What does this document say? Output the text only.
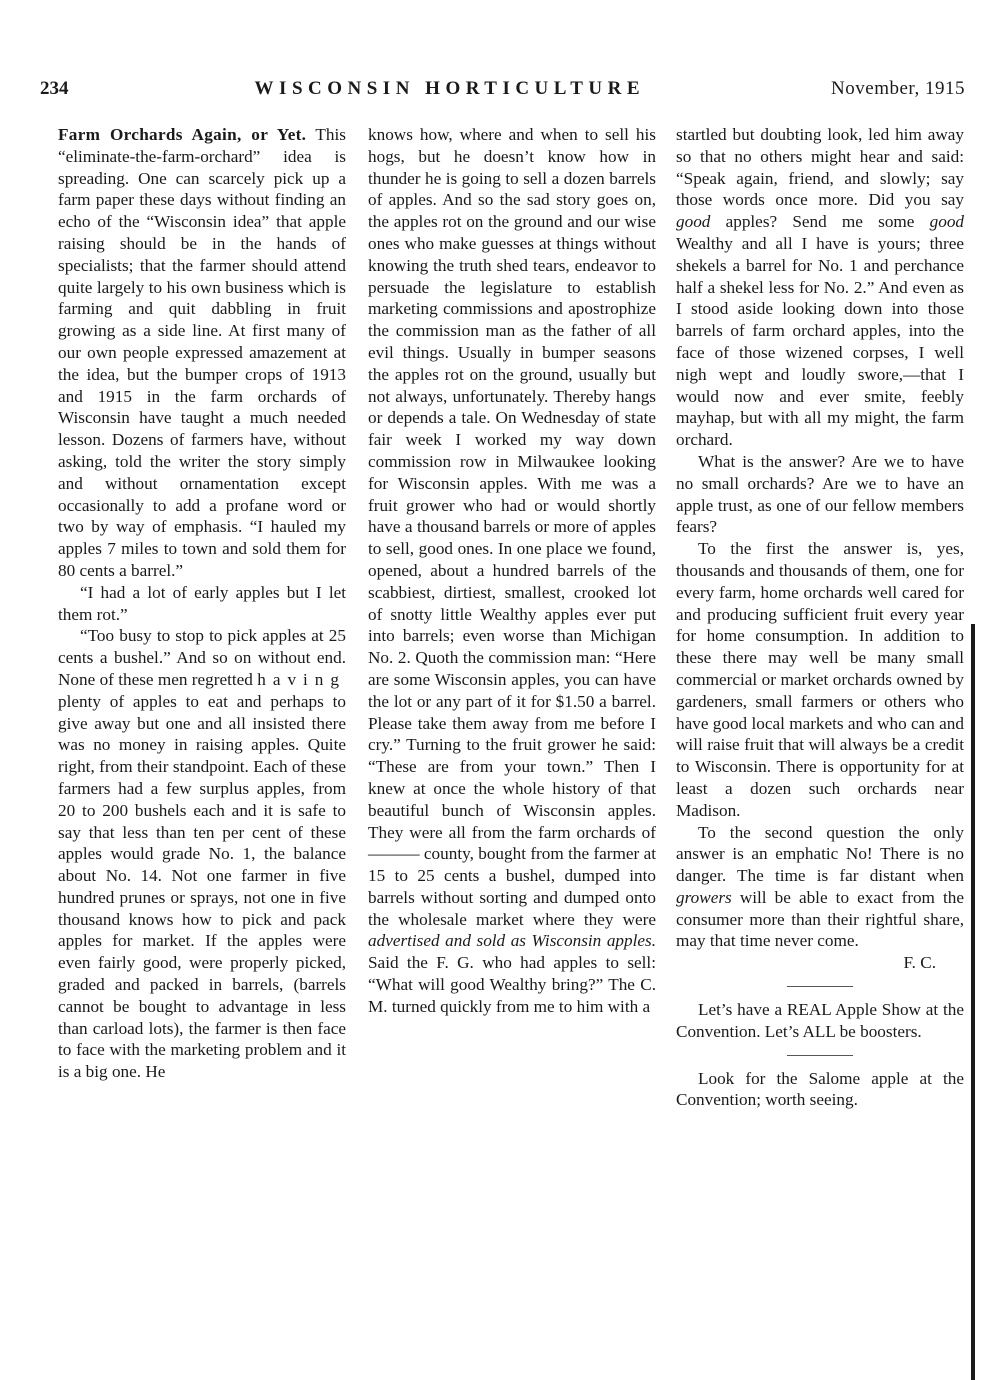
234	WISCONSIN HORTICULTURE	November, 1915

Farm Orchards Again, or Yet. This “eliminate-the-farm-orchard” idea is spreading. One can scarcely pick up a farm paper these days without finding an echo of the “Wisconsin idea” that apple raising should be in the hands of specialists; that the farmer should attend quite largely to his own business which is farming and quit dabbling in fruit growing as a side line. At first many of our own people expressed amazement at the idea, but the bumper crops of 1913 and 1915 in the farm orchards of Wisconsin have taught a much needed lesson. Dozens of farmers have, without asking, told the writer the story simply and without ornamentation except occasionally to add a profane word or two by way of emphasis. “I hauled my apples 7 miles to town and sold them for 80 cents a barrel.”

“I had a lot of early apples but I let them rot.”

“Too busy to stop to pick apples at 25 cents a bushel.” And so on without end. None of these men regretted having plenty of apples to eat and perhaps to give away but one and all insisted there was no money in raising apples. Quite right, from their standpoint. Each of these farmers had a few surplus apples, from 20 to 200 bushels each and it is safe to say that less than ten per cent of these apples would grade No. 1, the balance about No. 14. Not one farmer in five hundred prunes or sprays, not one in five thousand knows how to pick and pack apples for market. If the apples were even fairly good, were properly picked, graded and packed in barrels, (barrels cannot be bought to advantage in less than carload lots), the farmer is then face to face with the marketing problem and it is a big one. He

knows how, where and when to sell his hogs, but he doesn’t know how in thunder he is going to sell a dozen barrels of apples. And so the sad story goes on, the apples rot on the ground and our wise ones who make guesses at things without knowing the truth shed tears, endeavor to persuade the legislature to establish marketing commissions and apostrophize the commission man as the father of all evil things. Usually in bumper seasons the apples rot on the ground, usually but not always, unfortunately. Thereby hangs or depends a tale. On Wednesday of state fair week I worked my way down commission row in Milwaukee looking for Wisconsin apples. With me was a fruit grower who had or would shortly have a thousand barrels or more of apples to sell, good ones. In one place we found, opened, about a hundred barrels of the scabbiest, dirtiest, smallest, crooked lot of snotty little Wealthy apples ever put into barrels; even worse than Michigan No. 2. Quoth the commission man: “Here are some Wisconsin apples, you can have the lot or any part of it for $1.50 a barrel. Please take them away from me before I cry.” Turning to the fruit grower he said: “These are from your town.” Then I knew at once the whole history of that beautiful bunch of Wisconsin apples. They were all from the farm orchards of ——— county, bought from the farmer at 15 to 25 cents a bushel, dumped into barrels without sorting and dumped onto the wholesale market where they were advertised and sold as Wisconsin apples. Said the F. G. who had apples to sell: “What will good Wealthy bring?” The C. M. turned quickly from me to him with a

startled but doubting look, led him away so that no others might hear and said: “Speak again, friend, and slowly; say those words once more. Did you say good apples? Send me some good Wealthy and all I have is yours; three shekels a barrel for No. 1 and perchance half a shekel less for No. 2.” And even as I stood aside looking down into those barrels of farm orchard apples, into the face of those wizened corpses, I well nigh wept and loudly swore,—that I would now and ever smite, feebly mayhap, but with all my might, the farm orchard.

What is the answer? Are we to have no small orchards? Are we to have an apple trust, as one of our fellow members fears?

To the first the answer is, yes, thousands and thousands of them, one for every farm, home orchards well cared for and producing sufficient fruit every year for home consumption. In addition to these there may well be many small commercial or market orchards owned by gardeners, small farmers or others who have good local markets and who can and will raise fruit that will always be a credit to Wisconsin. There is opportunity for at least a dozen such orchards near Madison.

To the second question the only answer is an emphatic No! There is no danger. The time is far distant when growers will be able to exact from the consumer more than their rightful share, may that time never come.

F. C.

Let’s have a REAL Apple Show at the Convention. Let’s ALL be boosters.

Look for the Salome apple at the Convention; worth seeing.
